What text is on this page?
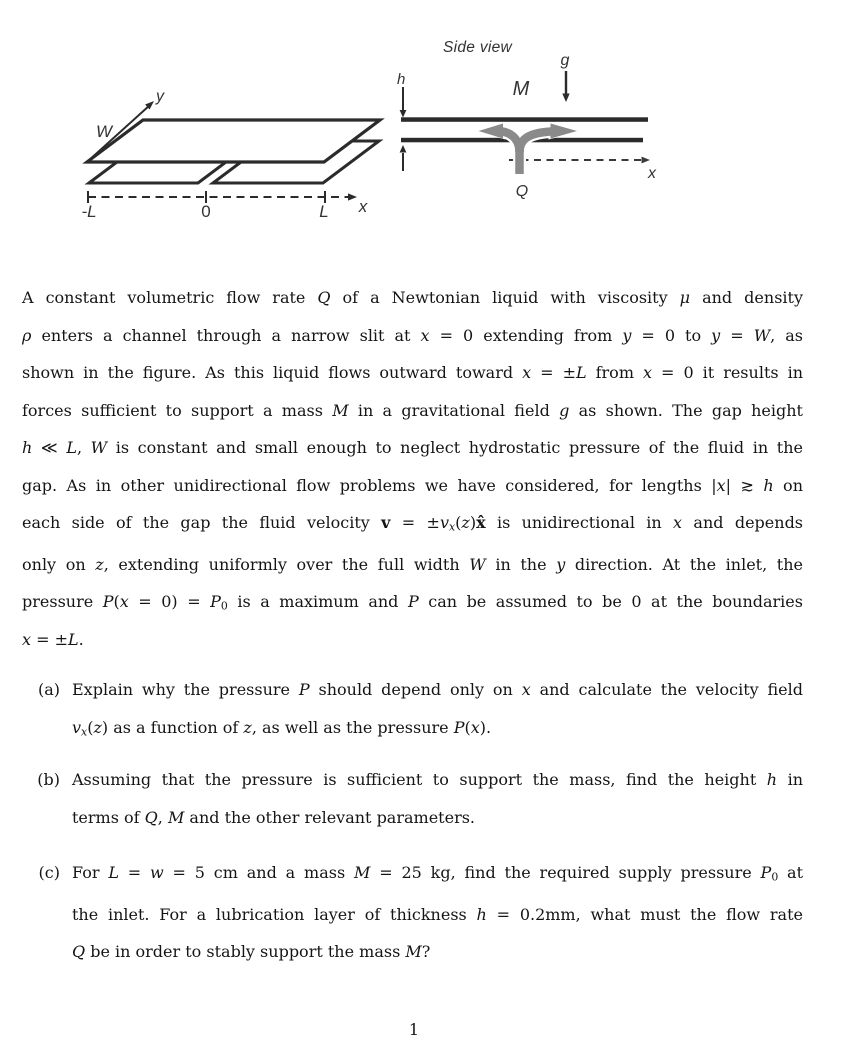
y
W
-L	0	L x
Side view
h	M
g
x
Q
A constant volumetric flow rate Q of a Newtonian liquid with viscosity μ and density
ρ enters a channel through a narrow slit at x = 0 extending from y = 0 to y = W, as
shown in the figure. As this liquid flows outward toward x = ±L from x = 0 it results in
forces sufficient to support a mass M in a gravitational field g as shown. The gap height
h ≪ L, W is constant and small enough to neglect hydrostatic pressure of the fluid in the
gap. As in other unidirectional flow problems we have considered, for lengths |x| ≳ h on
each side of the gap the fluid velocity v = ±vx(z)x̂ is unidirectional in x and depends
only on z, extending uniformly over the full width W in the y direction. At the inlet, the
pressure P(x = 0) = P0 is a maximum and P can be assumed to be 0 at the boundaries
x = ±L.
(a) Explain why the pressure P should depend only on x and calculate the velocity field
vx(z) as a function of z, as well as the pressure P(x).
(b) Assuming that the pressure is sufficient to support the mass, find the height h in
terms of Q, M and the other relevant parameters.
(c) For L = w = 5 cm and a mass M = 25 kg, find the required supply pressure P0 at
the inlet. For a lubrication layer of thickness h = 0.2mm, what must the flow rate
Q be in order to stably support the mass M?
1
